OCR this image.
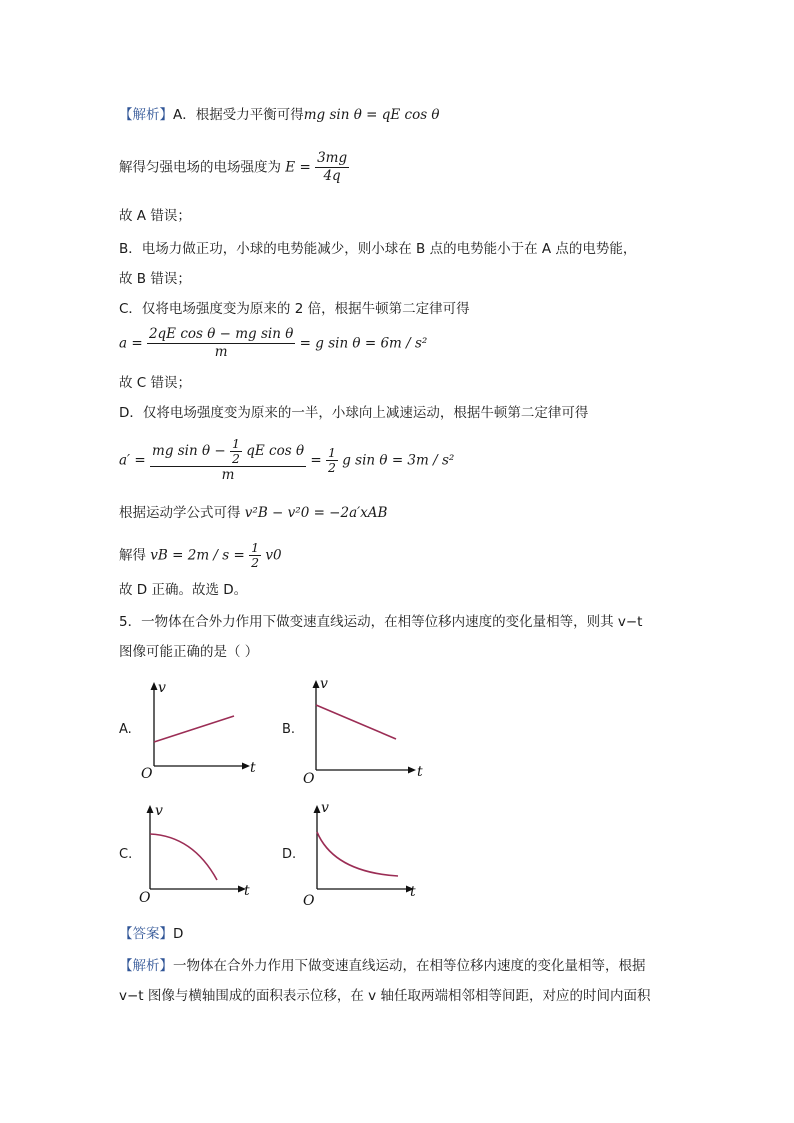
【解析】A．根据受力平衡可得mg sin θ = qE cos θ
解得匀强电场的电场强度为 $E = \frac{3mg}{4q}$
故 A 错误；
B．电场力做正功，小球的电势能减少，则小球在 B 点的电势能小于在 A 点的电势能，
故 B 错误；
C．仅将电场强度变为原来的 2 倍，根据牛顿第二定律可得
$a = \frac{\text{2qE cos θ − mg sin θ}}{m} = g$ sin θ = 6m / s²
故 C 错误；
D．仅将电场强度变为原来的一半，小球向上减速运动，根据牛顿第二定律可得
$a' = \frac{mg \sin \theta - \frac{1}{2} qE \cos \theta}{m} = \frac{1}{2}$ g sin θ = 3m / s²
根据运动学公式可得 v²B − v²0 = −2a′xAB
解得 vB = $2m / s = \frac{1}{2} v0$
故 D 正确。故选 D。
5．一物体在合外力作用下做变速直线运动，在相等位移内速度的变化量相等，则其 v−t
图像可能正确的是（ ）
A.	B.
C.	D.
v
t
O
v
t
O
v
t
O
v
t
O
【答案】D
【解析】一物体在合外力作用下做变速直线运动，在相等位移内速度的变化量相等，根据
v−t 图像与横轴围成的面积表示位移，在 v 轴任取两端相邻相等间距，对应的时间内面积
